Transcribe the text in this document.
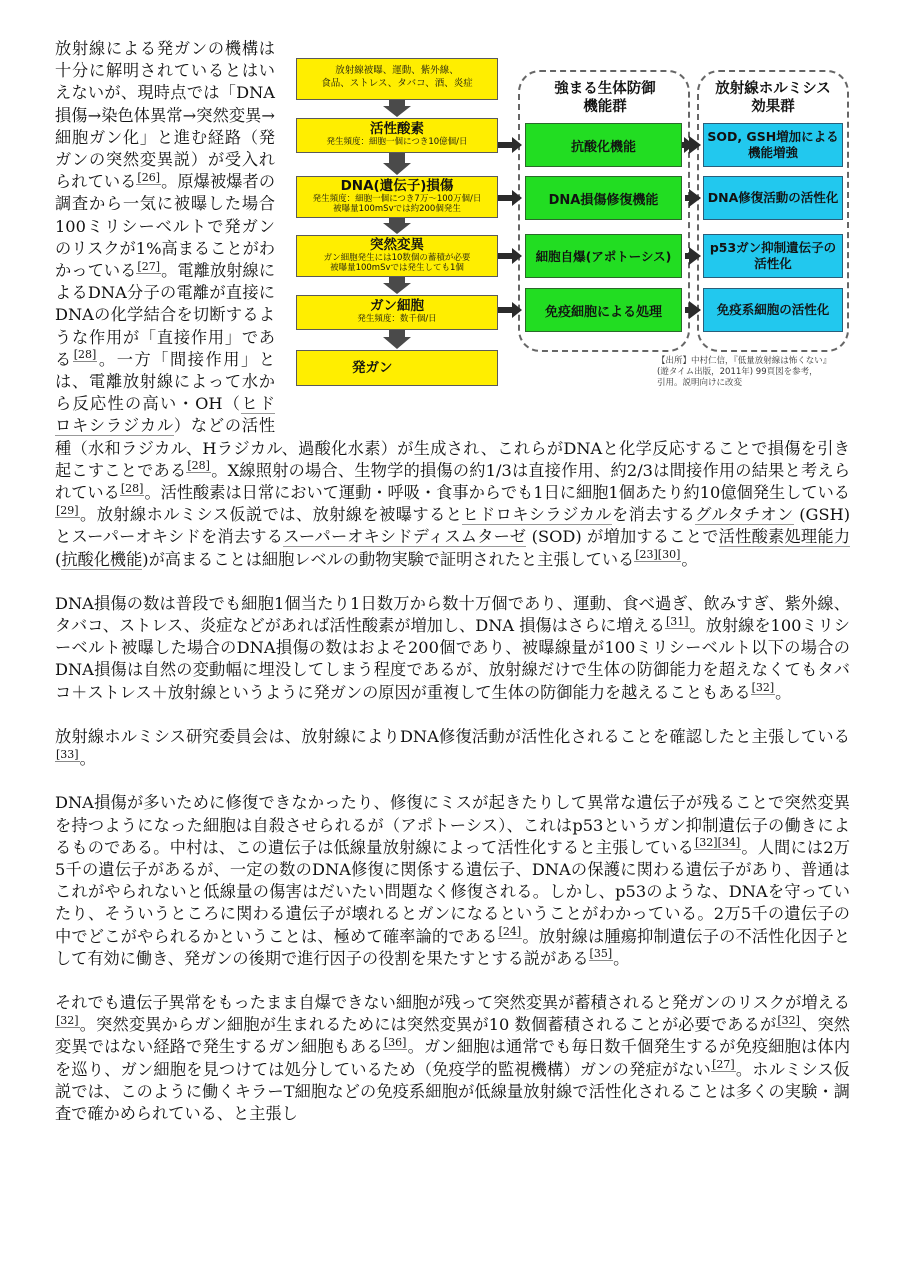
放射線被曝、運動、紫外線、
食品、ストレス、タバコ、酒、炎症
活性酸素
発生頻度：細胞一個につき10億個/日
DNA(遺伝子)損傷
発生頻度：細胞一個につき7万～100万個/日
被曝量100mSvでは約200個発生
突然変異
ガン細胞発生には10数個の蓄積が必要
被曝量100mSvでは発生しても1個
ガン細胞
発生頻度：数千個/日
発ガン
強まる生体防御
機能群
抗酸化機能
DNA損傷修復機能
細胞自爆(アポトーシス)
免疫細胞による処理
放射線ホルミシス
効果群
SOD, GSH増加による機能増強
DNA修復活動の活性化
p53ガン抑制遺伝子の活性化
免疫系細胞の活性化
【出所】中村仁信，『低量放射線は怖くない』
(遊タイム出版，2011年) 99頁図を参考，
引用。説明向けに改変

放射線による発ガンの機構は十分に解明されているとはいえないが、現時点では「DNA損傷→染色体異常→突然変異→細胞ガン化」と進む経路（発ガンの突然変異説）が受入れられている[26]。原爆被爆者の調査から一気に被曝した場合100ミリシーベルトで発ガンのリスクが1%高まることがわかっている[27]。電離放射線によるDNA分子の電離が直接にDNAの化学結合を切断するような作用が「直接作用」である[28]。一方「間接作用」とは、電離放射線によって水から反応性の高い・OH（ヒドロキシラジカル）などの活性種（水和ラジカル、Hラジカル、過酸化水素）が生成され、これらがDNAと化学反応することで損傷を引き起こすことである[28]。X線照射の場合、生物学的損傷の約1/3は直接作用、約2/3は間接作用の結果と考えられている[28]。活性酸素は日常において運動・呼吸・食事からでも1日に細胞1個あたり約10億個発生している[29]。放射線ホルミシス仮説では、放射線を被曝するとヒドロキシラジカルを消去するグルタチオン (GSH) とスーパーオキシドを消去するスーパーオキシドディスムターゼ (SOD) が増加することで活性酸素処理能力(抗酸化機能)が高まることは細胞レベルの動物実験で証明されたと主張している[23][30]。

DNA損傷の数は普段でも細胞1個当たり1日数万から数十万個であり、運動、食べ過ぎ、飲みすぎ、紫外線、タバコ、ストレス、炎症などがあれば活性酸素が増加し、DNA 損傷はさらに増える[31]。放射線を100ミリシーベルト被曝した場合のDNA損傷の数はおよそ200個であり、被曝線量が100ミリシーベルト以下の場合のDNA損傷は自然の変動幅に埋没してしまう程度であるが、放射線だけで生体の防御能力を超えなくてもタバコ＋ストレス＋放射線というように発ガンの原因が重複して生体の防御能力を越えることもある[32]。

放射線ホルミシス研究委員会は、放射線によりDNA修復活動が活性化されることを確認したと主張している[33]。

DNA損傷が多いために修復できなかったり、修復にミスが起きたりして異常な遺伝子が残ることで突然変異を持つようになった細胞は自殺させられるが（アポトーシス）、これはp53というガン抑制遺伝子の働きによるものである。中村は、この遺伝子は低線量放射線によって活性化すると主張している[32][34]。人間には2万5千の遺伝子があるが、一定の数のDNA修復に関係する遺伝子、DNAの保護に関わる遺伝子があり、普通はこれがやられないと低線量の傷害はだいたい問題なく修復される。しかし、p53のような、DNAを守っていたり、そういうところに関わる遺伝子が壊れるとガンになるということがわかっている。2万5千の遺伝子の中でどこがやられるかということは、極めて確率論的である[24]。放射線は腫瘍抑制遺伝子の不活性化因子として有効に働き、発ガンの後期で進行因子の役割を果たすとする説がある[35]。

それでも遺伝子異常をもったまま自爆できない細胞が残って突然変異が蓄積されると発ガンのリスクが増える[32]。突然変異からガン細胞が生まれるためには突然変異が10 数個蓄積されることが必要であるが[32]、突然変異ではない経路で発生するガン細胞もある[36]。ガン細胞は通常でも毎日数千個発生するが免疫細胞は体内を巡り、ガン細胞を見つけては処分しているため（免疫学的監視機構）ガンの発症がない[27]。ホルミシス仮説では、このように働くキラーT細胞などの免疫系細胞が低線量放射線で活性化されることは多くの実験・調査で確かめられている、と主張し
